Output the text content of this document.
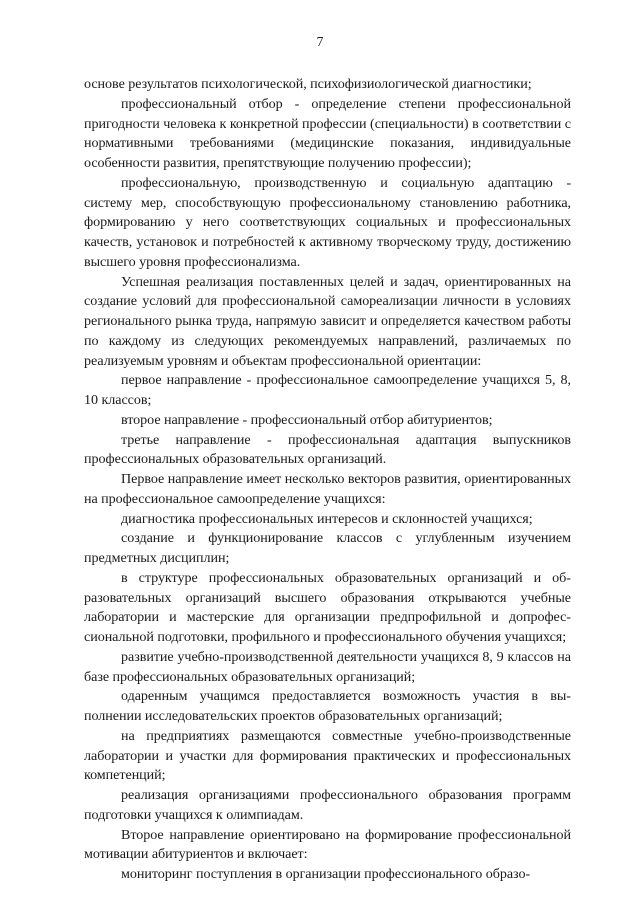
7

основе результатов психологической, психофизиологической диагностики;

профессиональный отбор - определение степени профессиональной пригодности человека к конкретной профессии (специальности) в соответствии с нормативными требованиями (медицинские показания, индивидуальные особенности развития, препятствующие получению профессии);

профессиональную, производственную и социальную адаптацию - систему мер, способствующую профессиональному становлению работника, формированию у него соответствующих социальных и профессиональных качеств, установок и потребностей к активному творческому труду, достижению высшего уровня профессионализма.

Успешная реализация поставленных целей и задач, ориентированных на создание условий для профессиональной самореализации личности в условиях регионального рынка труда, напрямую зависит и определяется качеством работы по каждому из следующих рекомендуемых направлений, различаемых по реализуемым уровням и объектам профессиональной ориентации:

первое направление - профессиональное самоопределение учащихся 5, 8, 10 классов;

второе направление - профессиональный отбор абитуриентов;

третье направление - профессиональная адаптация выпускников профессиональных образовательных организаций.

Первое направление имеет несколько векторов развития, ориентированных на профессиональное самоопределение учащихся:

диагностика профессиональных интересов и склонностей учащихся;

создание и функционирование классов с углубленным изучением предметных дисциплин;

в структуре профессиональных образовательных организаций и образовательных организаций высшего образования открываются учебные лаборатории и мастерские для организации предпрофильной и допрофессиональной подготовки, профильного и профессионального обучения учащихся;

развитие учебно-производственной деятельности учащихся 8, 9 классов на базе профессиональных образовательных организаций;

одаренным учащимся предоставляется возможность участия в выполнении исследовательских проектов образовательных организаций;

на предприятиях размещаются совместные учебно-производственные лаборатории и участки для формирования практических и профессиональных компетенций;

реализация организациями профессионального образования программ подготовки учащихся к олимпиадам.

Второе направление ориентировано на формирование профессиональной мотивации абитуриентов и включает:

мониторинг поступления в организации профессионального образо-
